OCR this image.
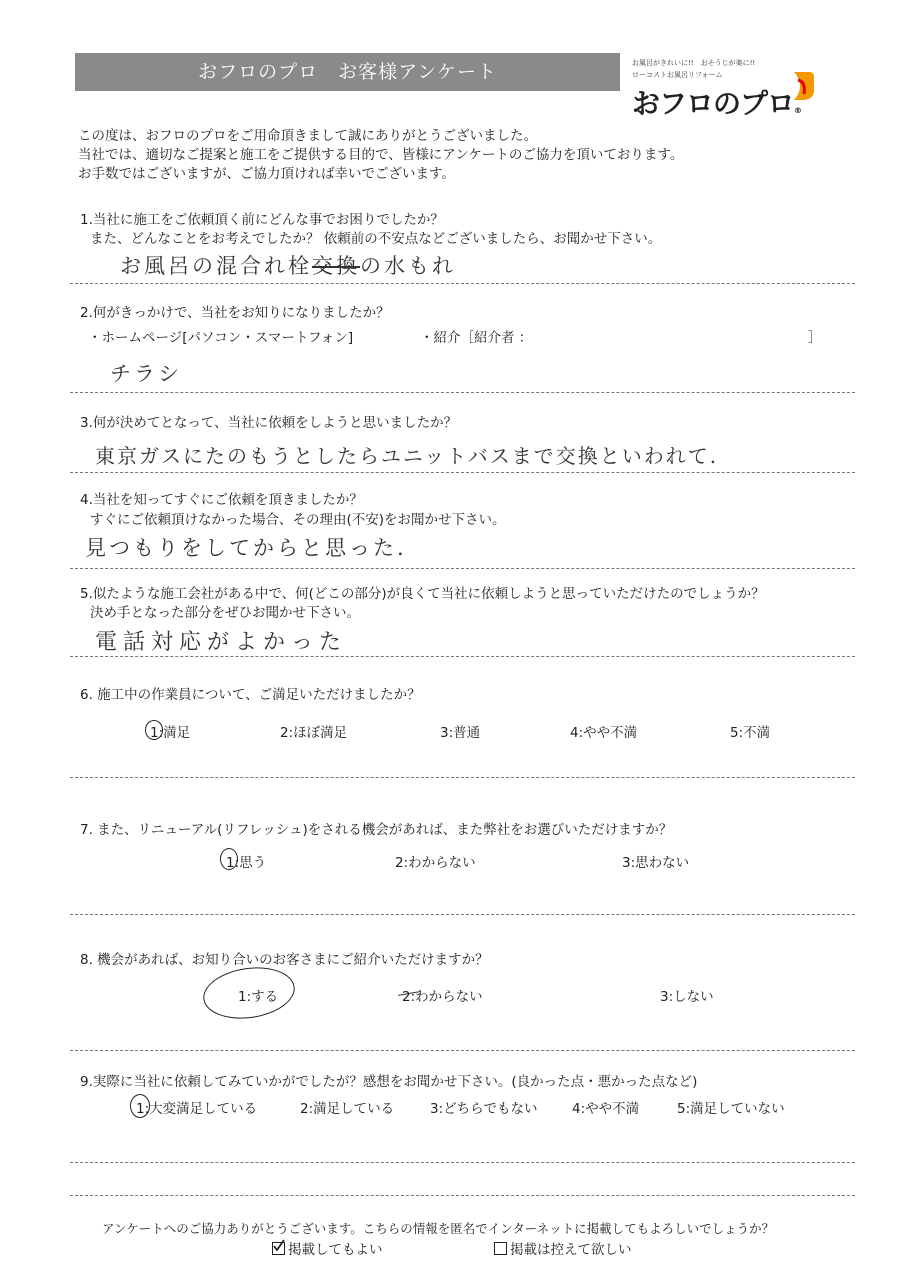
おフロのプロ　お客様アンケート	お風呂がきれいに!!　おそうじが楽に!!
ローコストお風呂リフォーム
おフロのプロ®
この度は、おフロのプロをご用命頂きまして誠にありがとうございました。
当社では、適切なご提案と施工をご提供する目的で、皆様にアンケートのご協力を頂いております。
お手数ではございますが、ご協力頂ければ幸いでございます。
1.当社に施工をご依頼頂く前にどんな事でお困りでしたか？
また、どんなことをお考えでしたか？ 依頼前の不安点などございましたら、お聞かせ下さい。
お風呂の混合れ栓交換の水もれ
2.何がきっかけで、当社をお知りになりましたか？
・ホームページ[パソコン・スマートフォン]	・紹介［紹介者 ：	］
チラシ
3.何が決めてとなって、当社に依頼をしようと思いましたか？
東京ガスにたのもうとしたらユニットバスまで交換といわれて.
4.当社を知ってすぐにご依頼を頂きましたか？
すぐにご依頼頂けなかった場合、その理由(不安)をお聞かせ下さい。
見つもりをしてからと思った.
5.似たような施工会社がある中で、何(どこの部分)が良くて当社に依頼しようと思っていただけたのでしょうか？
決め手となった部分をぜひお聞かせ下さい。
電話対応がよかった
6. 施工中の作業員について、ご満足いただけましたか？
1:満足	2:ほぼ満足	3:普通	4:やや不満	5:不満
7. また、リニューアル(リフレッシュ)をされる機会があれば、また弊社をお選びいただけますか？
1:思う	2:わからない	3:思わない
8. 機会があれば、お知り合いのお客さまにご紹介いただけますか？
1:する	2:わからない	3:しない
9.実際に当社に依頼してみていかがでしたが？感想をお聞かせ下さい。(良かった点・悪かった点など)
1:大変満足している	2:満足している	3:どちらでもない	4:やや不満	5:満足していない
アンケートへのご協力ありがとうございます。こちらの情報を匿名でインターネットに掲載してもよろしいでしょうか？
掲載してもよい	掲載は控えて欲しい
